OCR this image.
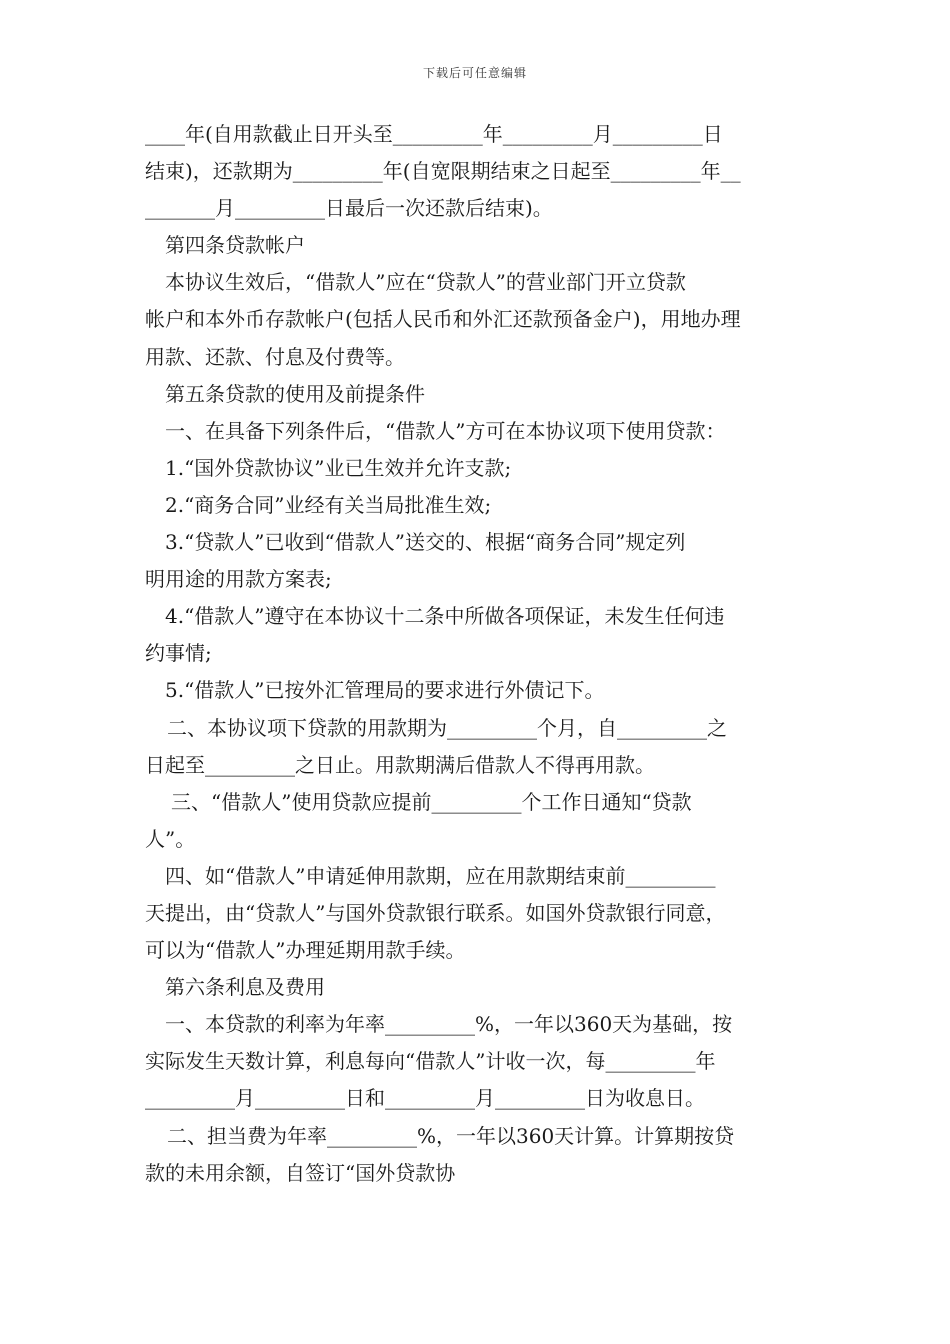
下载后可任意编辑
____年(自用款截止日开头至_________年_________月_________日
结束)，还款期为_________年(自宽限期结束之日起至_________年__
_______月_________日最后一次还款后结束)。
第四条贷款帐户
本协议生效后，“借款人”应在“贷款人”的营业部门开立贷款
帐户和本外币存款帐户(包括人民币和外汇还款预备金户)，用地办理
用款、还款、付息及付费等。
第五条贷款的使用及前提条件
一、在具备下列条件后，“借款人”方可在本协议项下使用贷款：
1.“国外贷款协议”业已生效并允许支款;
2.“商务合同”业经有关当局批准生效;
3.“贷款人”已收到“借款人”送交的、根据“商务合同”规定列
明用途的用款方案表;
4.“借款人”遵守在本协议十二条中所做各项保证，未发生任何违
约事情;
5.“借款人”已按外汇管理局的要求进行外债记下。
二、本协议项下贷款的用款期为_________个月，自_________之
日起至_________之日止。用款期满后借款人不得再用款。
三、“借款人”使用贷款应提前_________个工作日通知“贷款
人”。
四、如“借款人”申请延伸用款期，应在用款期结束前_________
天提出，由“贷款人”与国外贷款银行联系。如国外贷款银行同意，
可以为“借款人”办理延期用款手续。
第六条利息及费用
一、本贷款的利率为年率_________%，一年以360天为基础，按
实际发生天数计算，利息每向“借款人”计收一次，每_________年
_________月_________日和_________月_________日为收息日。
二、担当费为年率_________%，一年以360天计算。计算期按贷
款的未用余额，自签订“国外贷款协
